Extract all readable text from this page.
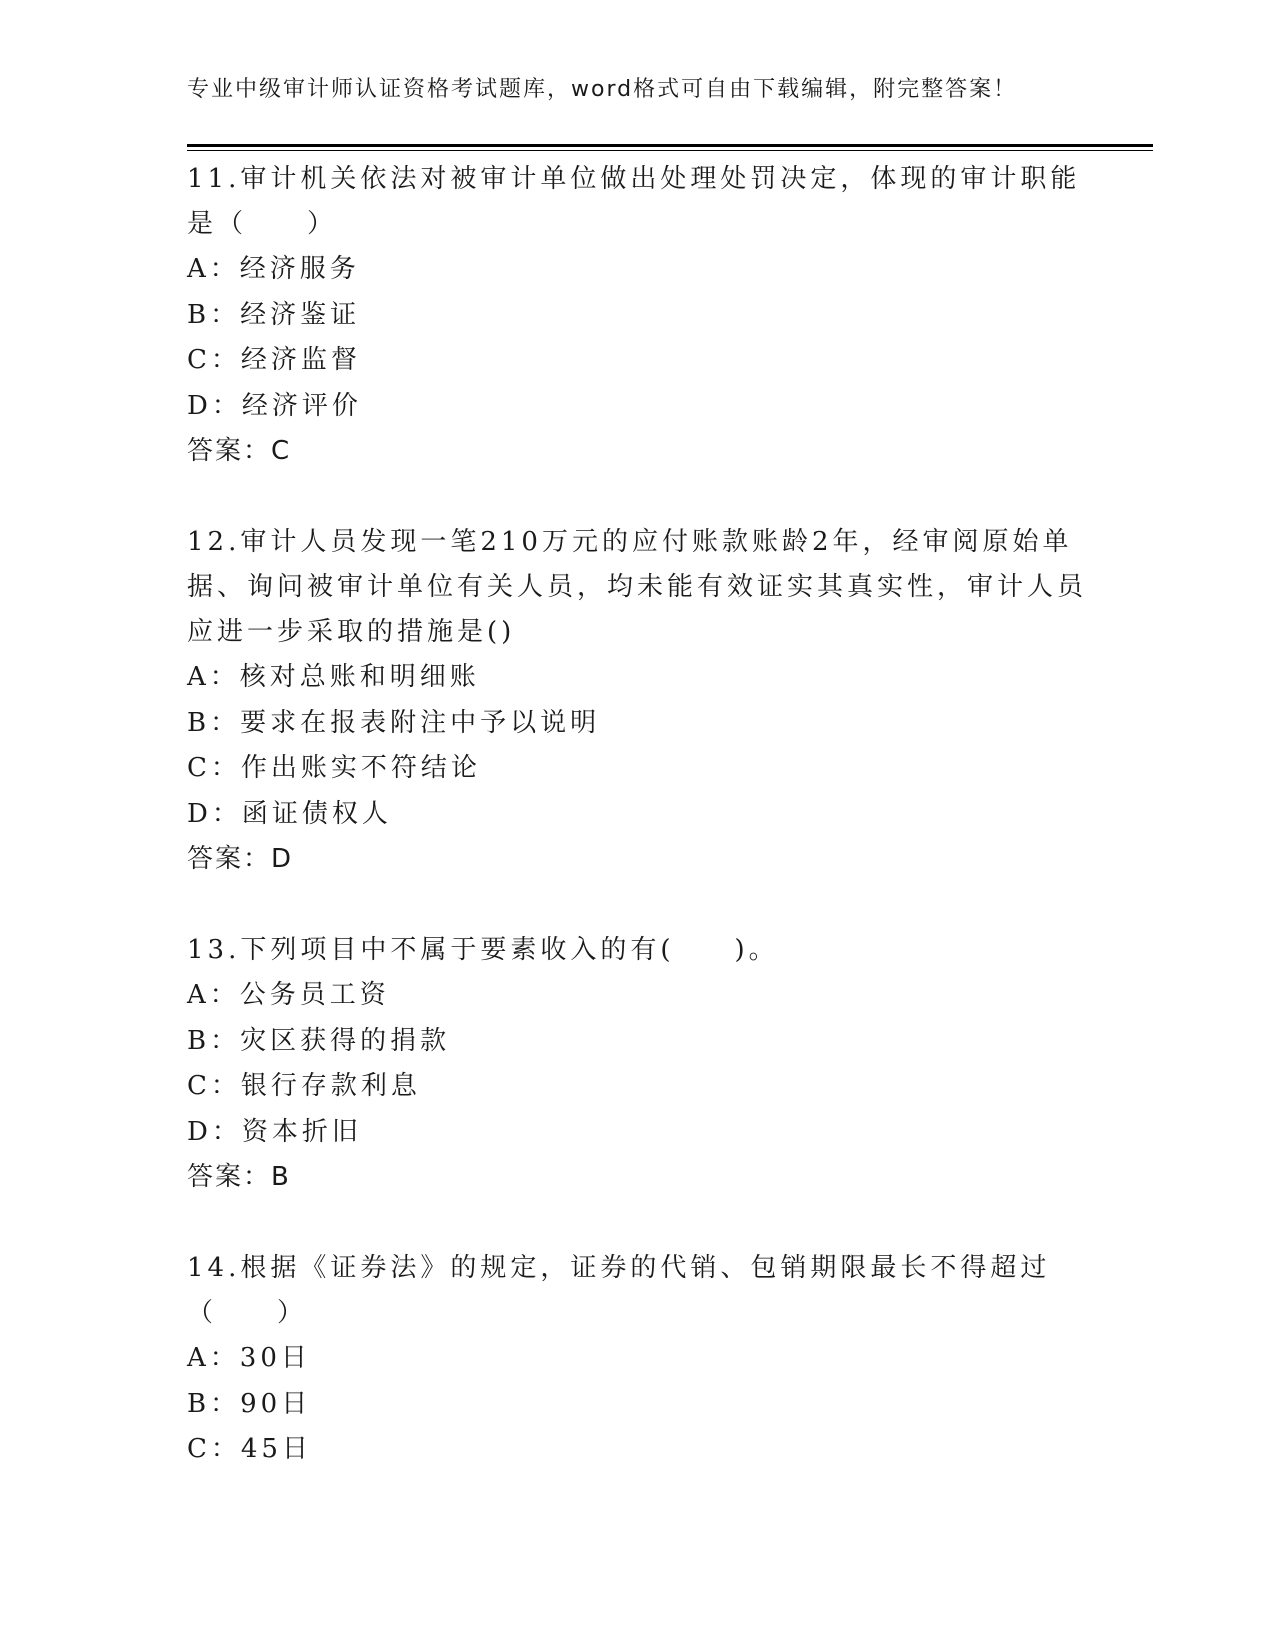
专业中级审计师认证资格考试题库，word格式可自由下载编辑，附完整答案！

11.审计机关依法对被审计单位做出处理处罚决定，体现的审计职能是（　　）

A：经济服务

B：经济鉴证

C：经济监督

D：经济评价

答案：C

12.审计人员发现一笔210万元的应付账款账龄2年，经审阅原始单据、询问被审计单位有关人员，均未能有效证实其真实性，审计人员应进一步采取的措施是()

A：核对总账和明细账

B：要求在报表附注中予以说明

C：作出账实不符结论

D：函证债权人

答案：D

13.下列项目中不属于要素收入的有(　　)。

A：公务员工资

B：灾区获得的捐款

C：银行存款利息

D：资本折旧

答案：B

14.根据《证券法》的规定，证券的代销、包销期限最长不得超过（　　）

A：30日

B：90日

C：45日
